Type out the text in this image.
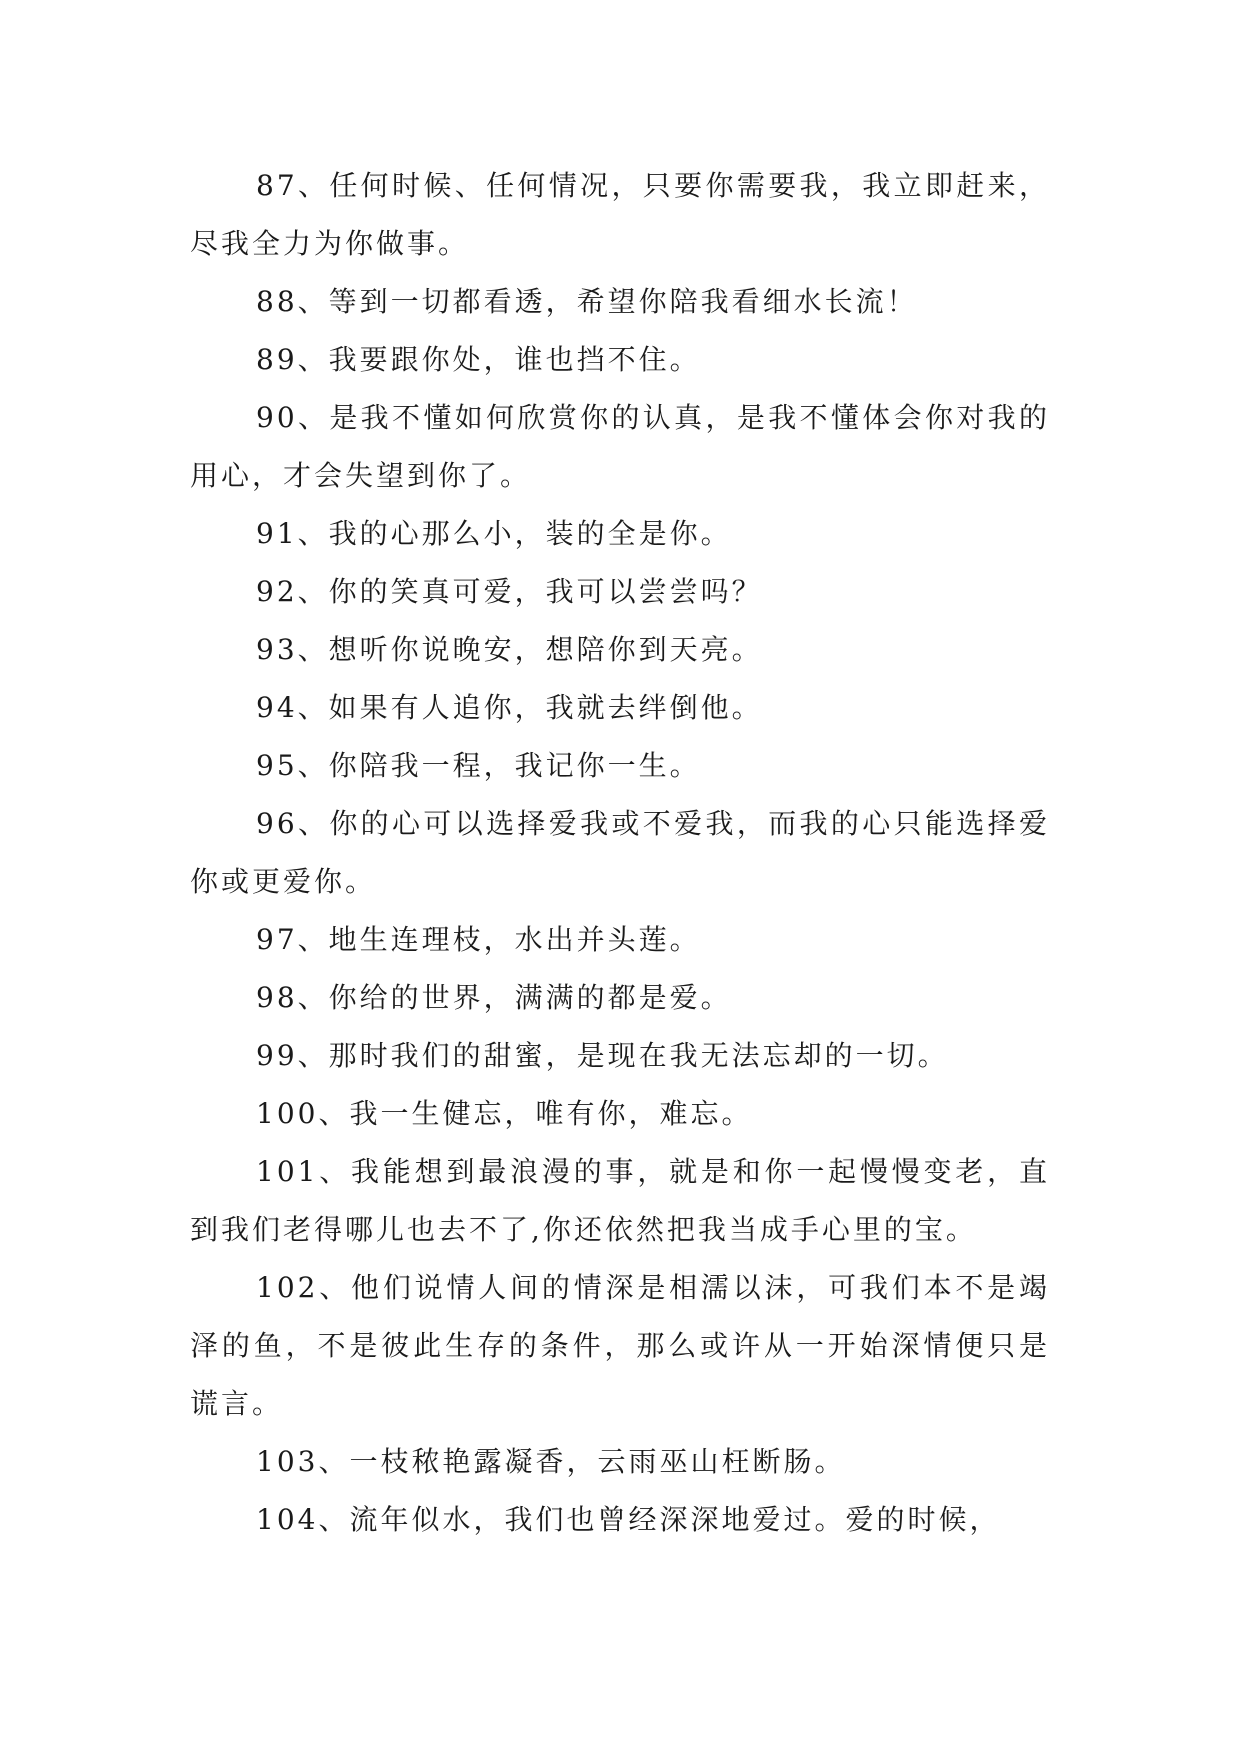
87、任何时候、任何情况，只要你需要我，我立即赶来，尽我全力为你做事。

88、等到一切都看透，希望你陪我看细水长流！

89、我要跟你处，谁也挡不住。

90、是我不懂如何欣赏你的认真，是我不懂体会你对我的用心，才会失望到你了。

91、我的心那么小，装的全是你。

92、你的笑真可爱，我可以尝尝吗？

93、想听你说晚安，想陪你到天亮。

94、如果有人追你，我就去绊倒他。

95、你陪我一程，我记你一生。

96、你的心可以选择爱我或不爱我，而我的心只能选择爱你或更爱你。

97、地生连理枝，水出并头莲。

98、你给的世界，满满的都是爱。

99、那时我们的甜蜜，是现在我无法忘却的一切。

100、我一生健忘，唯有你，难忘。

101、我能想到最浪漫的事，就是和你一起慢慢变老，直到我们老得哪儿也去不了,你还依然把我当成手心里的宝。

102、他们说情人间的情深是相濡以沫，可我们本不是竭泽的鱼，不是彼此生存的条件，那么或许从一开始深情便只是谎言。

103、一枝秾艳露凝香，云雨巫山枉断肠。

104、流年似水，我们也曾经深深地爱过。爱的时候，
